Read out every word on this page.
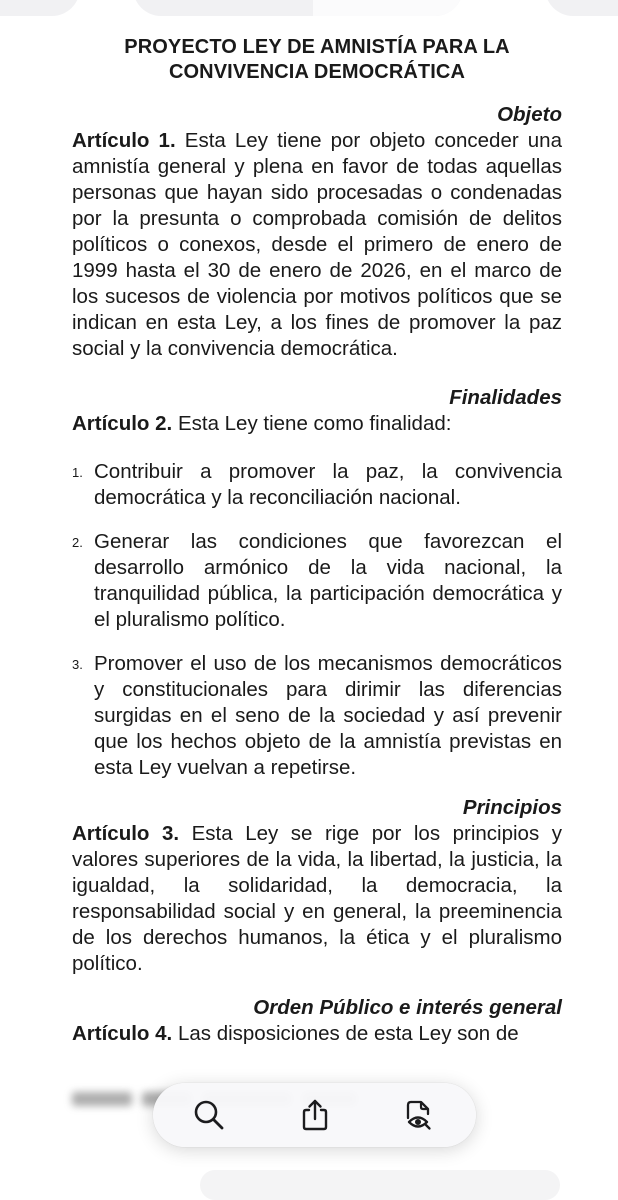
PROYECTO LEY DE AMNISTÍA PARA LA
CONVIVENCIA DEMOCRÁTICA

Objeto

Artículo 1. Esta Ley tiene por objeto conceder una amnistía general y plena en favor de todas aquellas personas que hayan sido procesadas o condenadas por la presunta o comprobada comisión de delitos políticos o conexos, desde el primero de enero de 1999 hasta el 30 de enero de 2026, en el marco de los sucesos de violencia por motivos políticos que se indican en esta Ley, a los fines de promover la paz social y la convivencia democrática.

Finalidades

Artículo 2. Esta Ley tiene como finalidad:

1. Contribuir a promover la paz, la convivencia democrática y la reconciliación nacional.
2. Generar las condiciones que favorezcan el desarrollo armónico de la vida nacional, la tranquilidad pública, la participación democrática y el pluralismo político.
3. Promover el uso de los mecanismos democráticos y constitucionales para dirimir las diferencias surgidas en el seno de la sociedad y así prevenir que los hechos objeto de la amnistía previstas en esta Ley vuelvan a repetirse.

Principios

Artículo 3. Esta Ley se rige por los principios y valores superiores de la vida, la libertad, la justicia, la igualdad, la solidaridad, la democracia, la responsabilidad social y en general, la preeminencia de los derechos humanos, la ética y el pluralismo político.

Orden Público e interés general

Artículo 4. Las disposiciones de esta Ley son de
